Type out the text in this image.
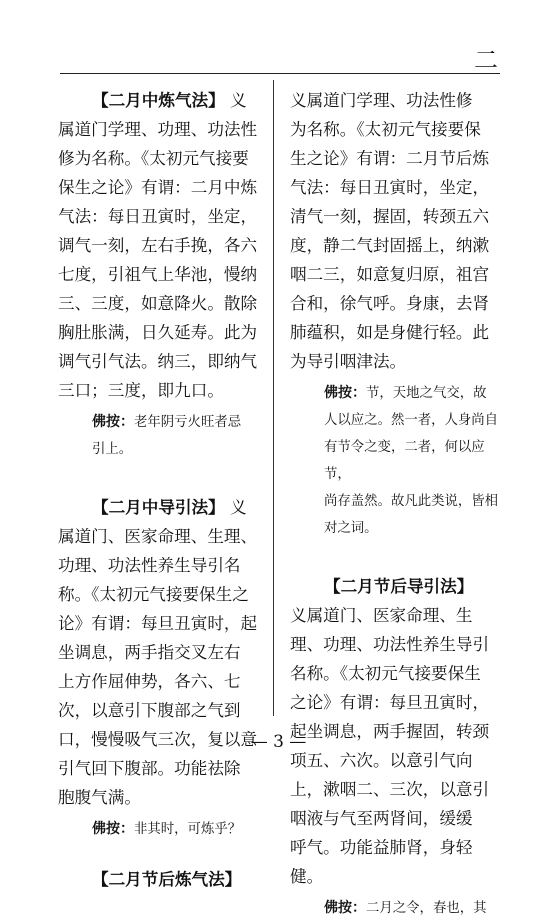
二

【二月中炼气法】 义
属道门学理、功理、功法性
修为名称。《太初元气接要
保生之论》有谓：二月中炼
气法：每日丑寅时，坐定，
调气一刻，左右手挽，各六
七度，引祖气上华池，慢纳
三、三度，如意降火。散除
胸肚胀满，日久延寿。此为
调气引气法。纳三，即纳气
三口；三度，即九口。

佛按：老年阴亏火旺者忌
引上。

【二月中导引法】 义
属道门、医家命理、生理、
功理、功法性养生导引名
称。《太初元气接要保生之
论》有谓：每旦丑寅时，起
坐调息，两手指交叉左右
上方作屈伸势，各六、七
次，以意引下腹部之气到
口，慢慢吸气三次，复以意
引气回下腹部。功能祛除
胞腹气满。

佛按：非其时，可炼乎？

【二月节后炼气法】

义属道门学理、功法性修
为名称。《太初元气接要保
生之论》有谓：二月节后炼
气法：每日丑寅时，坐定，
清气一刻，握固，转颈五六
度，静二气封固摇上，纳漱
咽二三，如意复归原，祖宫
合和，徐气呼。身康，去肾
肺蕴积，如是身健行轻。此
为导引咽津法。

佛按：节，天地之气交，故
人以应之。然一者，人身尚自
有节令之变，二者，何以应节，
尚存盖然。故凡此类说，皆相
对之词。

【二月节后导引法】

义属道门、医家命理、生
理、功理、功法性养生导引
名称。《太初元气接要保生
之论》有谓：每旦丑寅时，
起坐调息，两手握固，转颈
项五、六次。以意引气向
上，漱咽二、三次，以意引
咽液与气至两肾间，缓缓
呼气。功能益肺肾，身轻
健。

佛按：二月之令，春也，其

— 3 —
